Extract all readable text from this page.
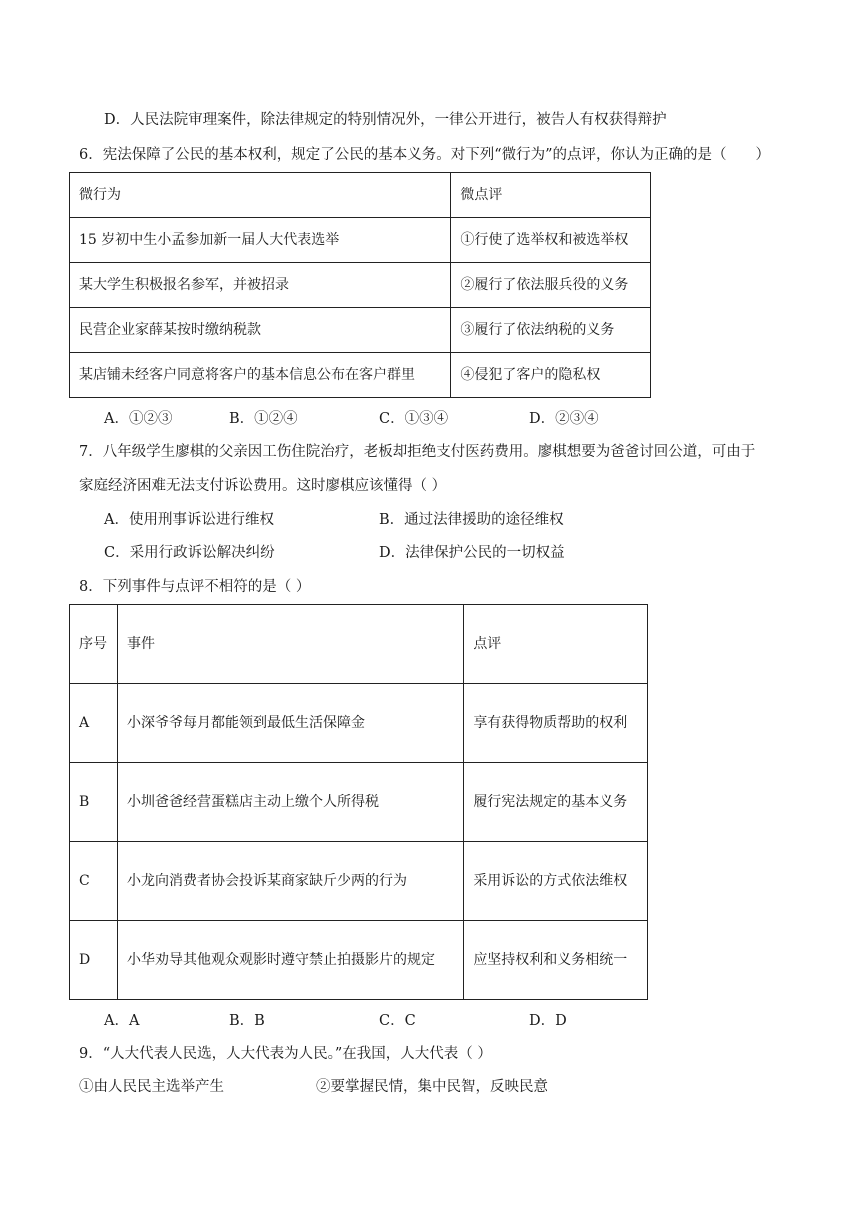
D．人民法院审理案件，除法律规定的特别情况外，一律公开进行，被告人有权获得辩护
6．宪法保障了公民的基本权利，规定了公民的基本义务。对下列“微行为”的点评，你认为正确的是（　　）
微行为	微点评
15 岁初中生小孟参加新一届人大代表选举	①行使了选举权和被选举权
某大学生积极报名参军，并被招录	②履行了依法服兵役的义务
民营企业家薛某按时缴纳税款	③履行了依法纳税的义务
某店铺未经客户同意将客户的基本信息公布在客户群里	④侵犯了客户的隐私权
A．①②③	B．①②④	C．①③④	D．②③④
7．八年级学生廖棋的父亲因工伤住院治疗，老板却拒绝支付医药费用。廖棋想要为爸爸讨回公道，可由于
家庭经济困难无法支付诉讼费用。这时廖棋应该懂得（ ）
A．使用刑事诉讼进行维权	B．通过法律援助的途径维权
C．采用行政诉讼解决纠纷	D．法律保护公民的一切权益
8．下列事件与点评不相符的是（ ）
序号	事件	点评
A	小深爷爷每月都能领到最低生活保障金	享有获得物质帮助的权利
B	小圳爸爸经营蛋糕店主动上缴个人所得税	履行宪法规定的基本义务
C	小龙向消费者协会投诉某商家缺斤少两的行为	采用诉讼的方式依法维权
D	小华劝导其他观众观影时遵守禁止拍摄影片的规定	应坚持权利和义务相统一
A．A	B．B	C．C	D．D
9．“人大代表人民选，人大代表为人民。”在我国，人大代表（ ）
①由人民民主选举产生	②要掌握民情，集中民智，反映民意
